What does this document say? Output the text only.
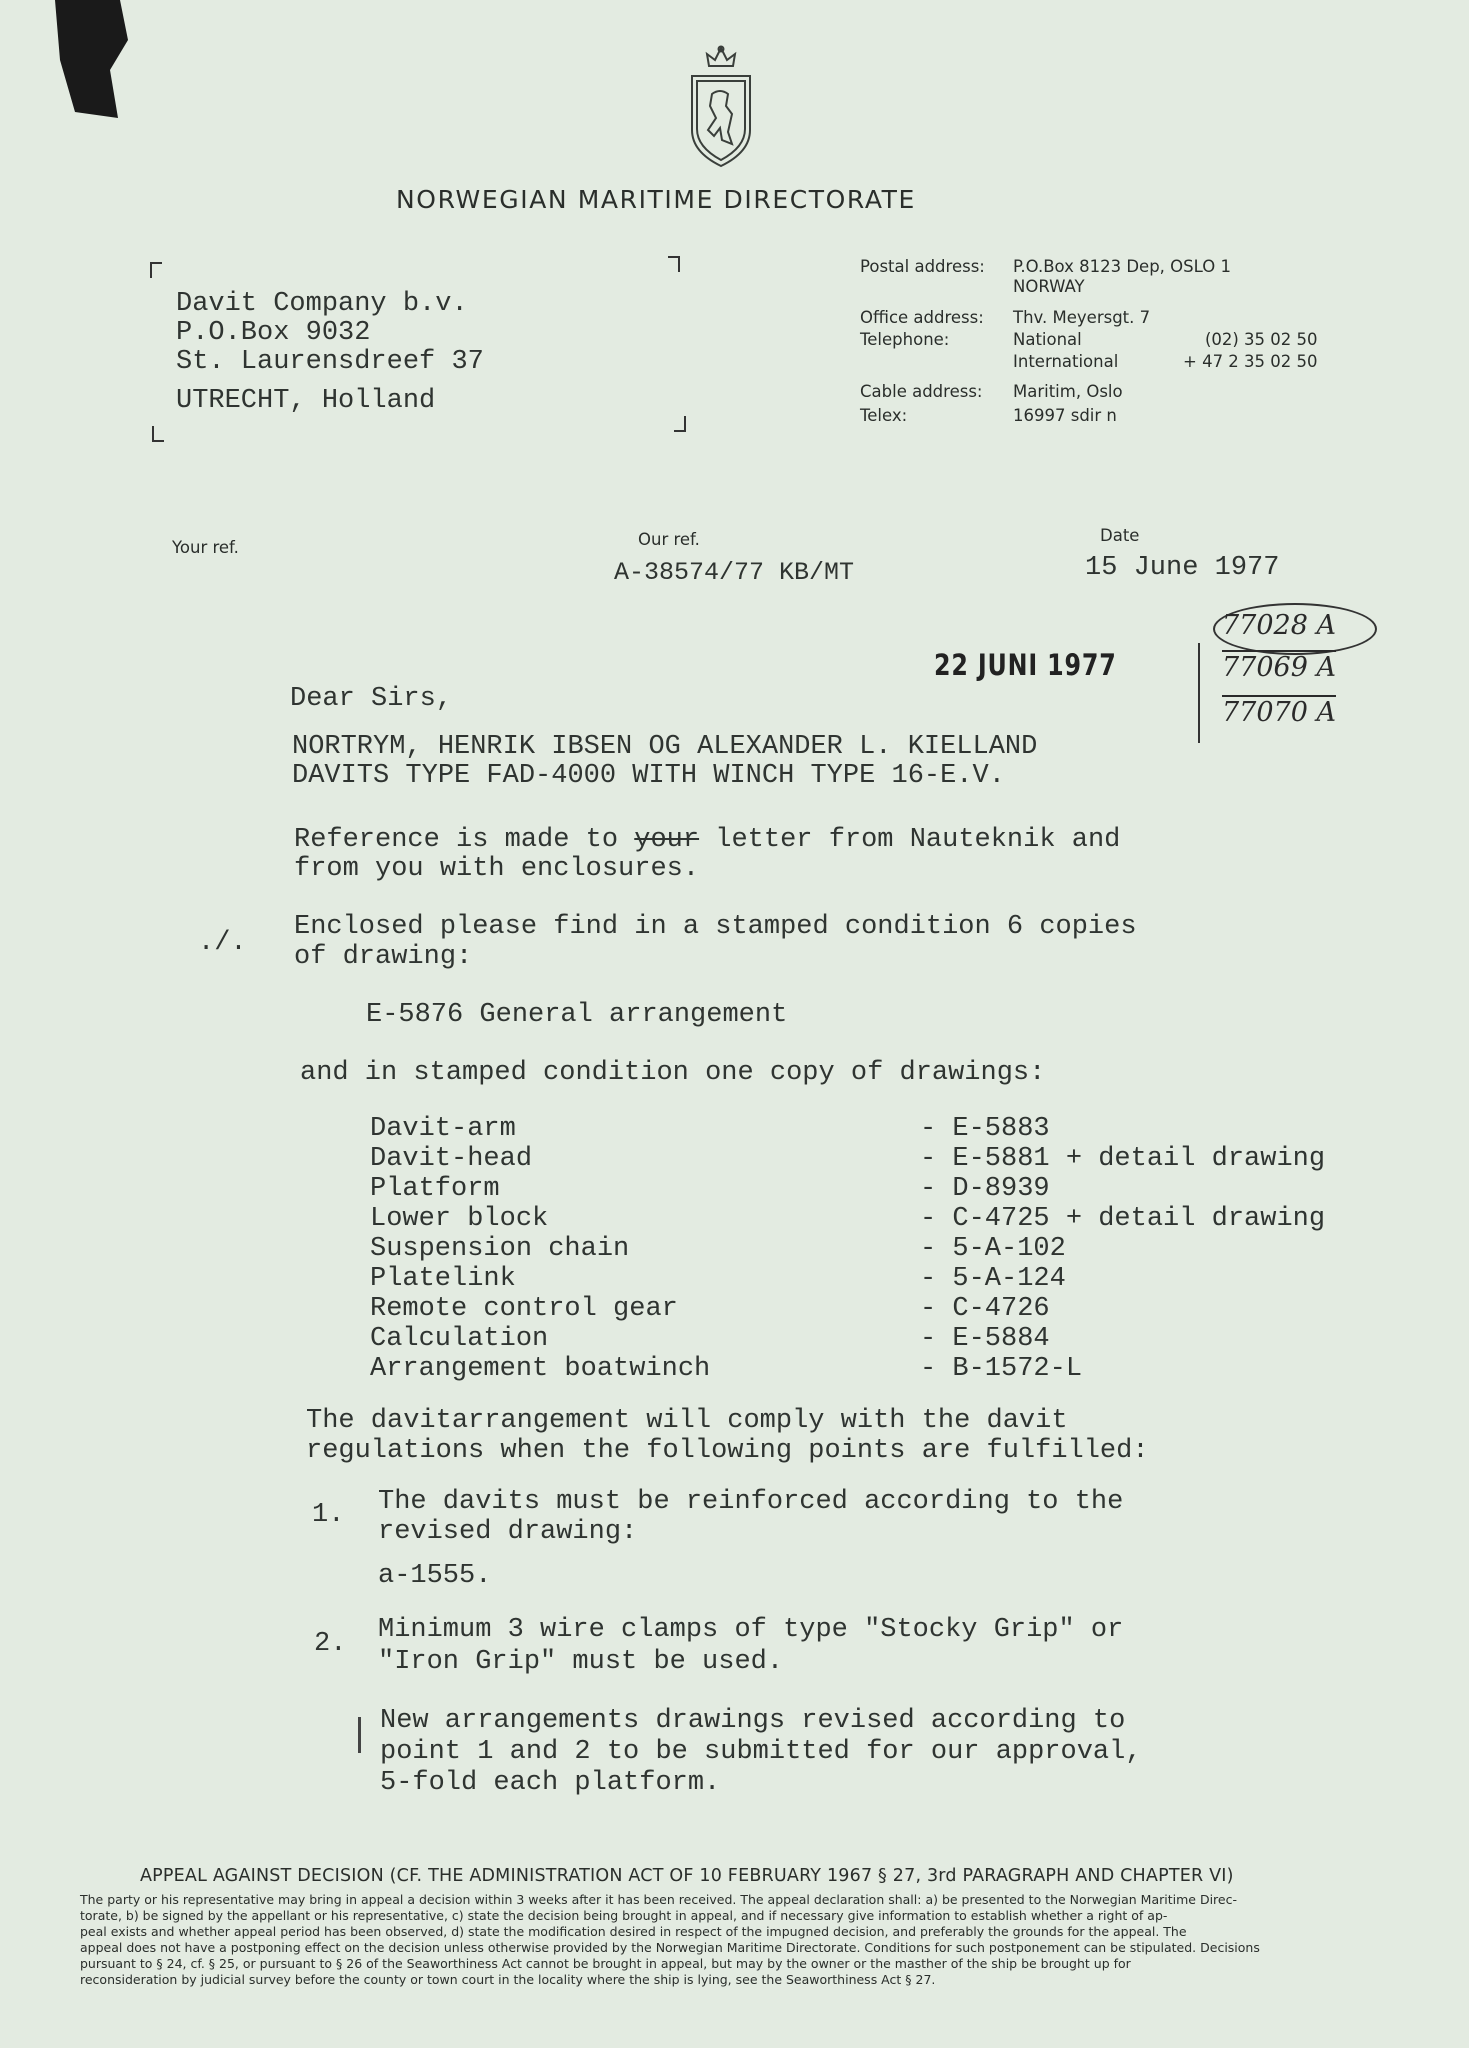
NORWEGIAN MARITIME DIRECTORATE
Davit Company b.v.
P.O.Box 9032
St. Laurensdreef 37
UTRECHT, Holland
Postal address:	P.O.Box 8123 Dep, OSLO 1
NORWAY	
Office address:	Thv. Meyersgt. 7	
Telephone:	National	(02) 35 02 50
	International	+ 47 2 35 02 50
Cable address:	Maritim, Oslo	
Telex:	16997 sdir n	
Your ref.	Our ref.
A-38574/77 KB/MT
Date
15 June 1977
22 JUNI 1977
77028 A
77069 A
77070 A
Dear Sirs,
NORTRYM, HENRIK IBSEN OG ALEXANDER L. KIELLAND
DAVITS TYPE FAD-4000 WITH WINCH TYPE 16-E.V.
Reference is made to your letter from Nauteknik and
from you with enclosures.
./.
Enclosed please find in a stamped condition 6 copies
of drawing:
E-5876 General arrangement
and in stamped condition one copy of drawings:
Davit-arm	- E-5883
Davit-head	- E-5881 + detail drawing
Platform	- D-8939
Lower block	- C-4725 + detail drawing
Suspension chain	- 5-A-102
Platelink	- 5-A-124
Remote control gear	- C-4726
Calculation	- E-5884
Arrangement boatwinch	- B-1572-L
The davitarrangement will comply with the davit
regulations when the following points are fulfilled:
1. The davits must be reinforced according to the
revised drawing:
a-1555.
2. Minimum 3 wire clamps of type "Stocky Grip" or
"Iron Grip" must be used.
New arrangements drawings revised according to
point 1 and 2 to be submitted for our approval,
5-fold each platform.
APPEAL AGAINST DECISION (CF. THE ADMINISTRATION ACT OF 10 FEBRUARY 1967 § 27, 3rd PARAGRAPH AND CHAPTER VI)
The party or his representative may bring in appeal a decision within 3 weeks after it has been received. The appeal declaration shall: a) be presented to the Norwegian Maritime Direc-
torate, b) be signed by the appellant or his representative, c) state the decision being brought in appeal, and if necessary give information to establish whether a right of ap-
peal exists and whether appeal period has been observed, d) state the modification desired in respect of the impugned decision, and preferably the grounds for the appeal. The
appeal does not have a postponing effect on the decision unless otherwise provided by the Norwegian Maritime Directorate. Conditions for such postponement can be stipulated. Decisions
pursuant to § 24, cf. § 25, or pursuant to § 26 of the Seaworthiness Act cannot be brought in appeal, but may by the owner or the masther of the ship be brought up for
reconsideration by judicial survey before the county or town court in the locality where the ship is lying, see the Seaworthiness Act § 27.
